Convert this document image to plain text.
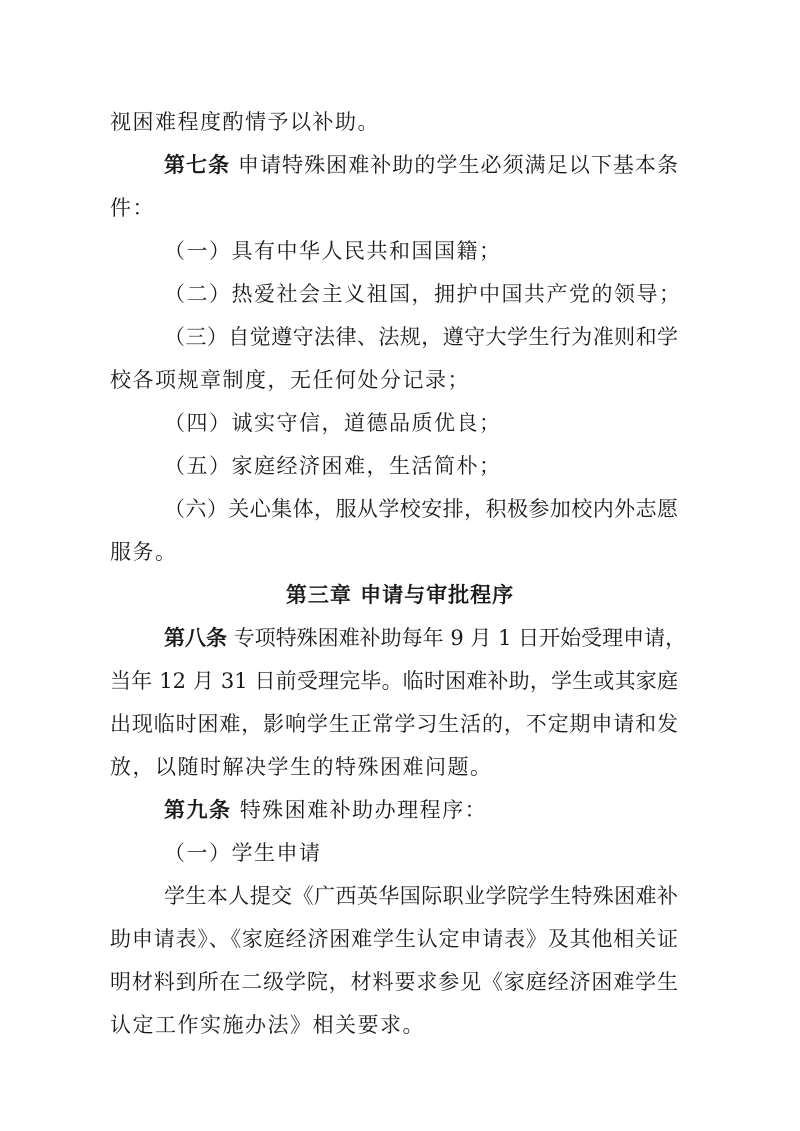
视困难程度酌情予以补助。
第七条 申请特殊困难补助的学生必须满足以下基本条
件：
（一）具有中华人民共和国国籍；
（二）热爱社会主义祖国，拥护中国共产党的领导；
（三）自觉遵守法律、法规，遵守大学生行为准则和学
校各项规章制度，无任何处分记录；
（四）诚实守信，道德品质优良；
（五）家庭经济困难，生活简朴；
（六）关心集体，服从学校安排，积极参加校内外志愿
服务。
第三章 申请与审批程序
第八条 专项特殊困难补助每年 9 月 1 日开始受理申请，
当年 12 月 31 日前受理完毕。临时困难补助，学生或其家庭
出现临时困难，影响学生正常学习生活的，不定期申请和发
放，以随时解决学生的特殊困难问题。
第九条 特殊困难补助办理程序：
（一）学生申请
学生本人提交《广西英华国际职业学院学生特殊困难补
助申请表》、《家庭经济困难学生认定申请表》及其他相关证
明材料到所在二级学院，材料要求参见《家庭经济困难学生
认定工作实施办法》相关要求。
